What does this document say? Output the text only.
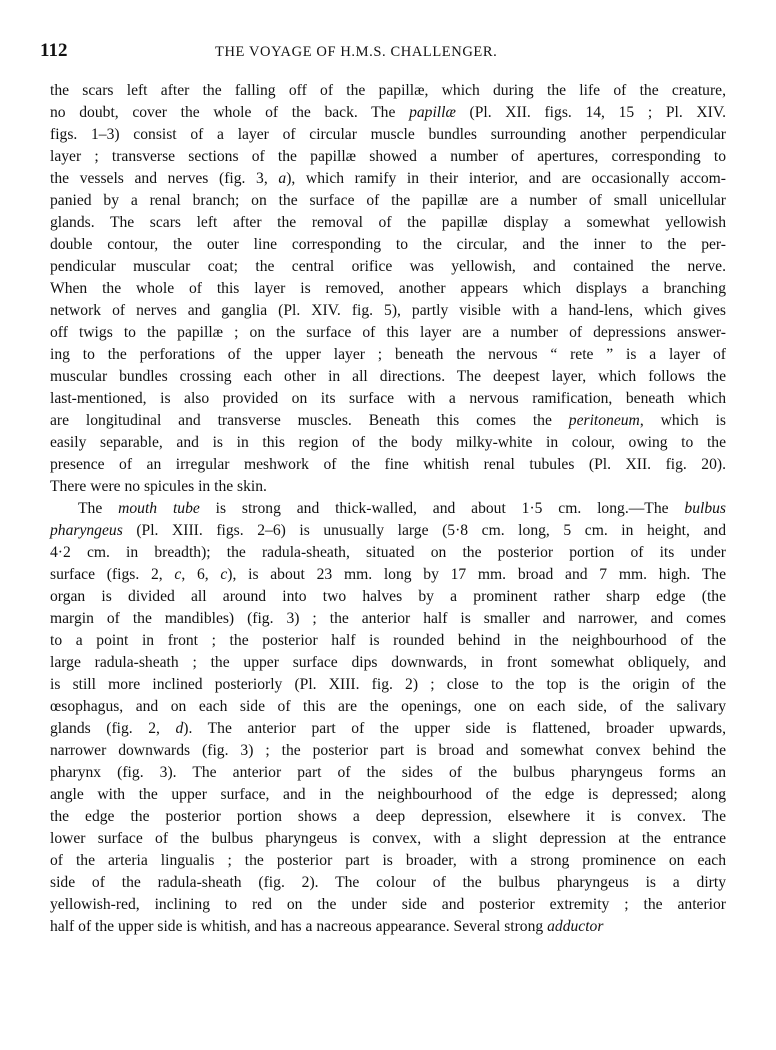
112	THE VOYAGE OF H.M.S. CHALLENGER.
the scars left after the falling off of the papillæ, which during the life of the creature,
no doubt, cover the whole of the back. The papillæ (Pl. XII. figs. 14, 15 ; Pl. XIV.
figs. 1–3) consist of a layer of circular muscle bundles surrounding another perpendicular
layer ; transverse sections of the papillæ showed a number of apertures, corresponding to
the vessels and nerves (fig. 3, a), which ramify in their interior, and are occasionally accom-
panied by a renal branch; on the surface of the papillæ are a number of small unicellular
glands. The scars left after the removal of the papillæ display a somewhat yellowish
double contour, the outer line corresponding to the circular, and the inner to the per-
pendicular muscular coat; the central orifice was yellowish, and contained the nerve.
When the whole of this layer is removed, another appears which displays a branching
network of nerves and ganglia (Pl. XIV. fig. 5), partly visible with a hand-lens, which gives
off twigs to the papillæ ; on the surface of this layer are a number of depressions answer-
ing to the perforations of the upper layer ; beneath the nervous “ rete ” is a layer of
muscular bundles crossing each other in all directions. The deepest layer, which follows the
last-mentioned, is also provided on its surface with a nervous ramification, beneath which
are longitudinal and transverse muscles. Beneath this comes the peritoneum, which is
easily separable, and is in this region of the body milky-white in colour, owing to the
presence of an irregular meshwork of the fine whitish renal tubules (Pl. XII. fig. 20).
There were no spicules in the skin.
The mouth tube is strong and thick-walled, and about 1·5 cm. long.—The bulbus
pharyngeus (Pl. XIII. figs. 2–6) is unusually large (5·8 cm. long, 5 cm. in height, and
4·2 cm. in breadth); the radula-sheath, situated on the posterior portion of its under
surface (figs. 2, c, 6, c), is about 23 mm. long by 17 mm. broad and 7 mm. high. The
organ is divided all around into two halves by a prominent rather sharp edge (the
margin of the mandibles) (fig. 3) ; the anterior half is smaller and narrower, and comes
to a point in front ; the posterior half is rounded behind in the neighbourhood of the
large radula-sheath ; the upper surface dips downwards, in front somewhat obliquely, and
is still more inclined posteriorly (Pl. XIII. fig. 2) ; close to the top is the origin of the
œsophagus, and on each side of this are the openings, one on each side, of the salivary
glands (fig. 2, d). The anterior part of the upper side is flattened, broader upwards,
narrower downwards (fig. 3) ; the posterior part is broad and somewhat convex behind the
pharynx (fig. 3). The anterior part of the sides of the bulbus pharyngeus forms an
angle with the upper surface, and in the neighbourhood of the edge is depressed; along
the edge the posterior portion shows a deep depression, elsewhere it is convex. The
lower surface of the bulbus pharyngeus is convex, with a slight depression at the entrance
of the arteria lingualis ; the posterior part is broader, with a strong prominence on each
side of the radula-sheath (fig. 2). The colour of the bulbus pharyngeus is a dirty
yellowish-red, inclining to red on the under side and posterior extremity ; the anterior
half of the upper side is whitish, and has a nacreous appearance. Several strong adductor
